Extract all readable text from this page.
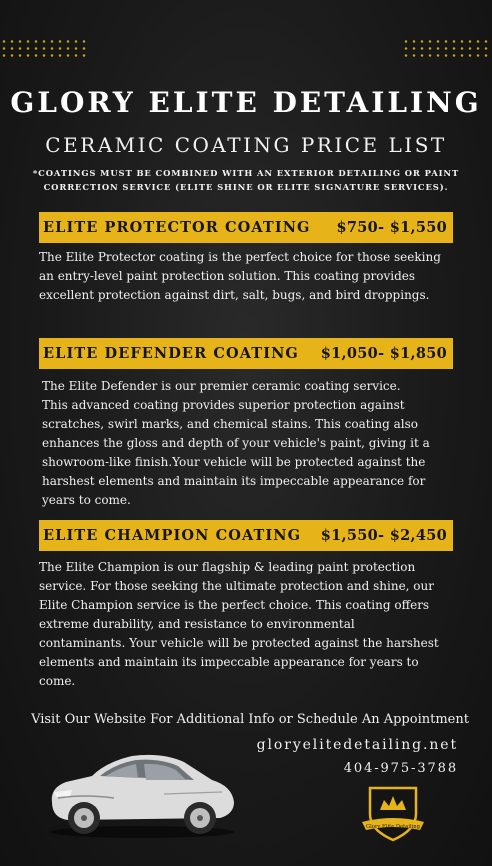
GLORY ELITE DETAILING
CERAMIC COATING PRICE LIST
*COATINGS MUST BE COMBINED WITH AN EXTERIOR DETAILING OR PAINT
CORRECTION SERVICE (ELITE SHINE OR ELITE SIGNATURE SERVICES).
ELITE PROTECTOR COATING $750- $1,550
The Elite Protector coating is the perfect choice for those seeking
an entry-level paint protection solution. This coating provides
excellent protection against dirt, salt, bugs, and bird droppings.
ELITE DEFENDER COATING $1,050- $1,850
The Elite Defender is our premier ceramic coating service.
This advanced coating provides superior protection against
scratches, swirl marks, and chemical stains. This coating also
enhances the gloss and depth of your vehicle's paint, giving it a
showroom-like finish.Your vehicle will be protected against the
harshest elements and maintain its impeccable appearance for
years to come.
ELITE CHAMPION COATING $1,550- $2,450
The Elite Champion is our flagship & leading paint protection
service. For those seeking the ultimate protection and shine, our
Elite Champion service is the perfect choice. This coating offers
extreme durability, and resistance to environmental
contaminants. Your vehicle will be protected against the harshest
elements and maintain its impeccable appearance for years to
come.
Visit Our Website For Additional Info or Schedule An Appointment
gloryelitedetailing.net
404-975-3788
Glory Elite Detailing
